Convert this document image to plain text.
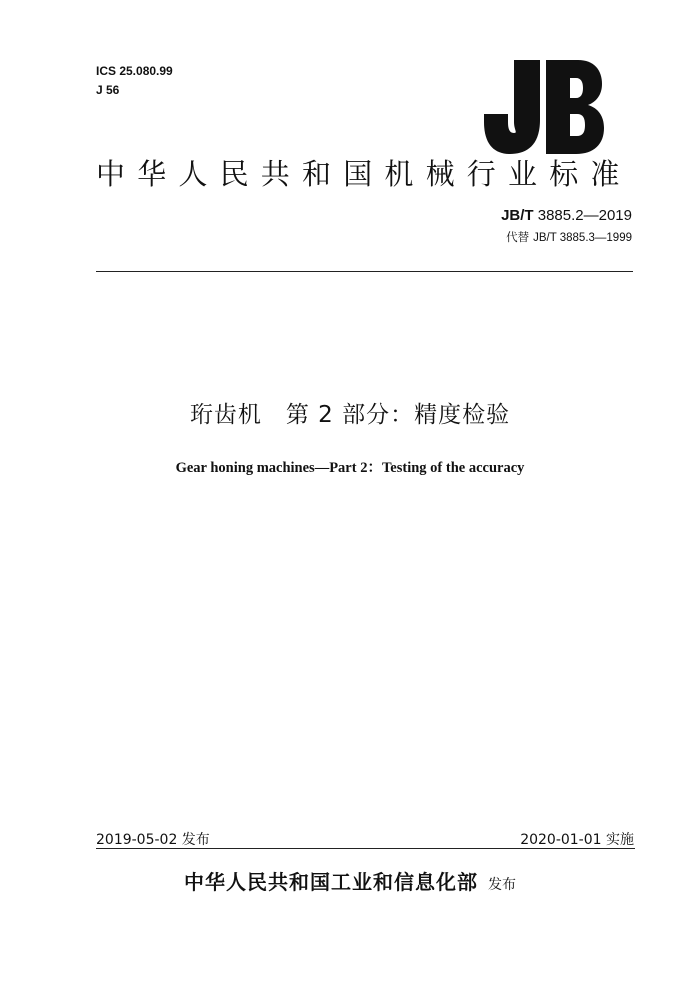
ICS 25.080.99
J 56
中华人民共和国机械行业标准
JB/T 3885.2—2019
代替 JB/T 3885.3—1999
珩齿机　第 2 部分：精度检验
Gear honing machines—Part 2：Testing of the accuracy
2019-05-02 发布	2020-01-01 实施
中华人民共和国工业和信息化部 发布
